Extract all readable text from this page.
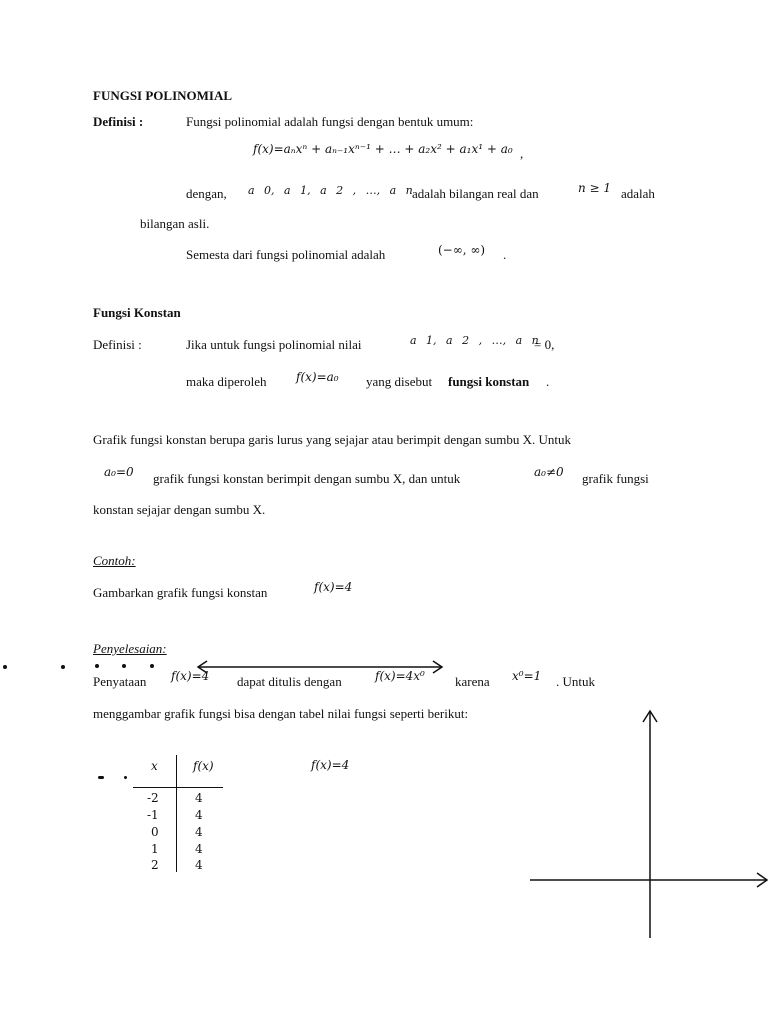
FUNGSI POLINOMIAL
Definisi :	Fungsi polinomial adalah fungsi dengan bentuk umum:
f(x)=aₙxⁿ + aₙ₋₁xⁿ⁻¹ + … + a₂x² + a₁x¹ + a₀ ,
dengan, a 0, a 1, a 2 , …, a n adalah bilangan real dan	n ≥ 1 adalah
bilangan asli.
Semesta dari fungsi polinomial adalah	(−∞, ∞) .
Fungsi Konstan
Definisi :	Jika untuk fungsi polinomial nilai	a 1, a 2 , …, a n
= 0,
maka diperoleh f(x)=a₀ yang disebut fungsi konstan .
Grafik fungsi konstan berupa garis lurus yang sejajar atau berimpit dengan sumbu X. Untuk
a₀=0 grafik fungsi konstan berimpit dengan sumbu X, dan untuk	a₀≠0 grafik fungsi
konstan sejajar dengan sumbu X.
Contoh:
Gambarkan grafik fungsi konstan	f(x)=4
Penyelesaian:
Penyataan f(x)=4 dapat ditulis dengan	f(x)=4x⁰ karena x⁰=1 . Untuk
menggambar grafik fungsi bisa dengan tabel nilai fungsi seperti berikut:
x	f(x)
-2	4
-1	4
0	4
1	4
2	4
f(x)=4
